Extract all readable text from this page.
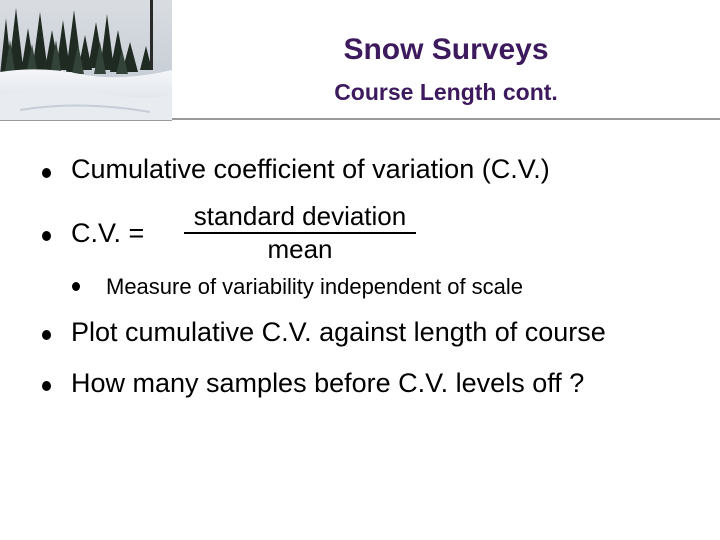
Snow Surveys
Course Length cont.
Cumulative coefficient of variation (C.V.)
C.V. =
standard deviation
mean
Measure of variability independent of scale
Plot cumulative C.V. against length of course
How many samples before C.V. levels off ?
